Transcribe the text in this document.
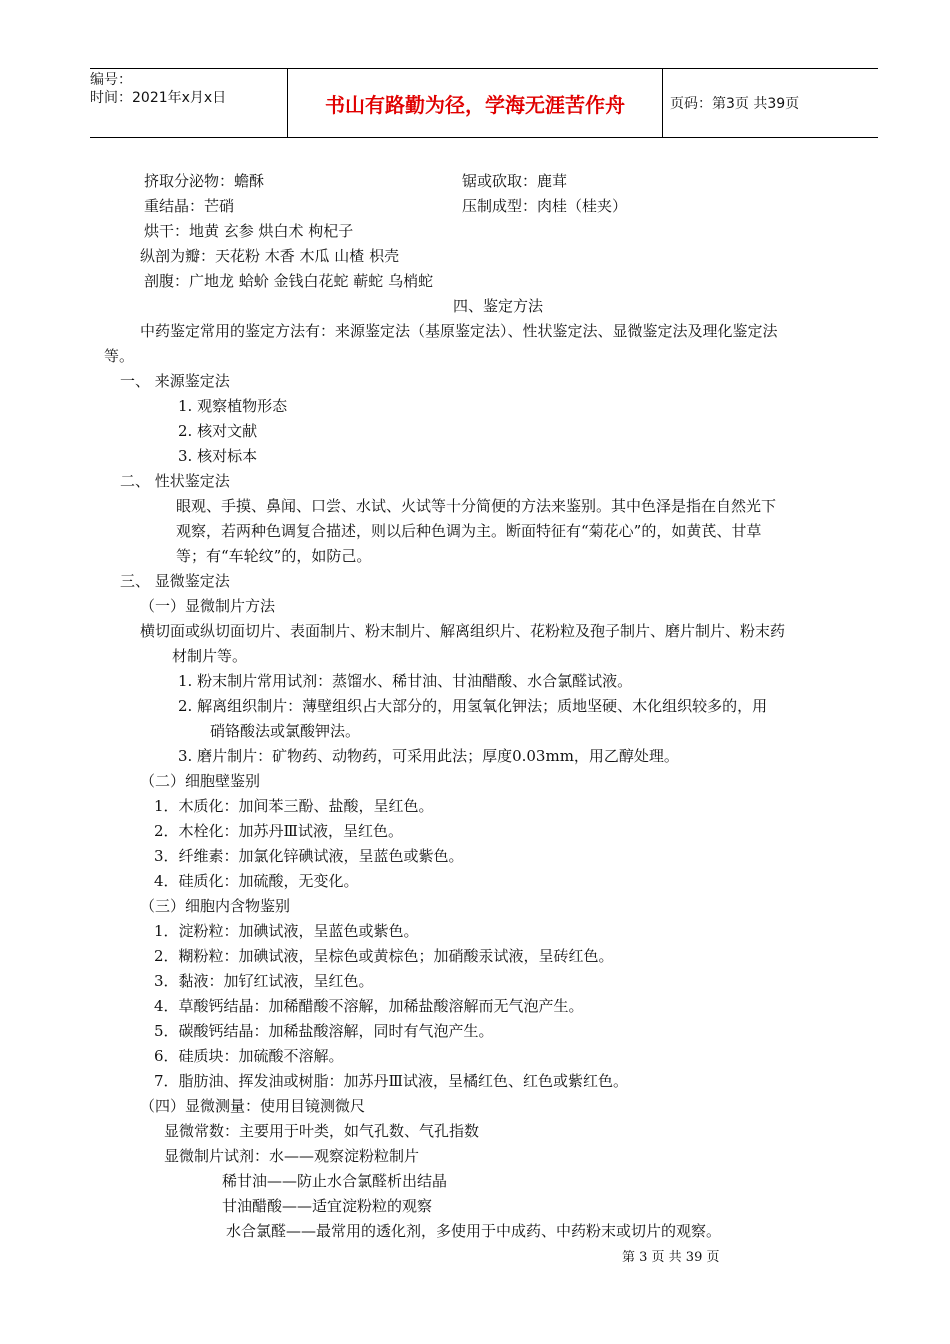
编号：
时间：2021年x月x日	书山有路勤为径，学海无涯苦作舟	页码：第3页 共39页
挤取分泌物：蟾酥	锯或砍取：鹿茸
重结晶：芒硝	压制成型：肉桂（桂夹）
烘干：地黄 玄参 烘白术 枸杞子
纵剖为瓣：天花粉 木香 木瓜 山楂 枳壳
剖腹：广地龙 蛤蚧 金钱白花蛇 蕲蛇 乌梢蛇
四、鉴定方法
中药鉴定常用的鉴定方法有：来源鉴定法（基原鉴定法）、性状鉴定法、显微鉴定法及理化鉴定法
等。
一、 来源鉴定法
1. 观察植物形态
2. 核对文献
3. 核对标本
二、 性状鉴定法
眼观、手摸、鼻闻、口尝、水试、火试等十分简便的方法来鉴别。其中色泽是指在自然光下
观察，若两种色调复合描述，则以后种色调为主。断面特征有“菊花心”的，如黄芪、甘草
等；有“车轮纹”的，如防己。
三、 显微鉴定法
（一）显微制片方法
横切面或纵切面切片、表面制片、粉末制片、解离组织片、花粉粒及孢子制片、磨片制片、粉末药
材制片等。
1. 粉末制片常用试剂：蒸馏水、稀甘油、甘油醋酸、水合氯醛试液。
2. 解离组织制片：薄壁组织占大部分的，用氢氧化钾法；质地坚硬、木化组织较多的，用
硝铬酸法或氯酸钾法。
3. 磨片制片：矿物药、动物药，可采用此法；厚度0.03mm，用乙醇处理。
（二）细胞壁鉴别
1．木质化：加间苯三酚、盐酸，呈红色。
2．木栓化：加苏丹Ⅲ试液，呈红色。
3．纤维素：加氯化锌碘试液，呈蓝色或紫色。
4．硅质化：加硫酸，无变化。
（三）细胞内含物鉴别
1．淀粉粒：加碘试液，呈蓝色或紫色。
2．糊粉粒：加碘试液，呈棕色或黄棕色；加硝酸汞试液，呈砖红色。
3．黏液：加钌红试液，呈红色。
4．草酸钙结晶：加稀醋酸不溶解，加稀盐酸溶解而无气泡产生。
5．碳酸钙结晶：加稀盐酸溶解，同时有气泡产生。
6．硅质块：加硫酸不溶解。
7．脂肪油、挥发油或树脂：加苏丹Ⅲ试液，呈橘红色、红色或紫红色。
（四）显微测量：使用目镜测微尺
显微常数：主要用于叶类，如气孔数、气孔指数
显微制片试剂：水——观察淀粉粒制片
稀甘油——防止水合氯醛析出结晶
甘油醋酸——适宜淀粉粒的观察
水合氯醛——最常用的透化剂，多使用于中成药、中药粉末或切片的观察。
第 3 页 共 39 页
